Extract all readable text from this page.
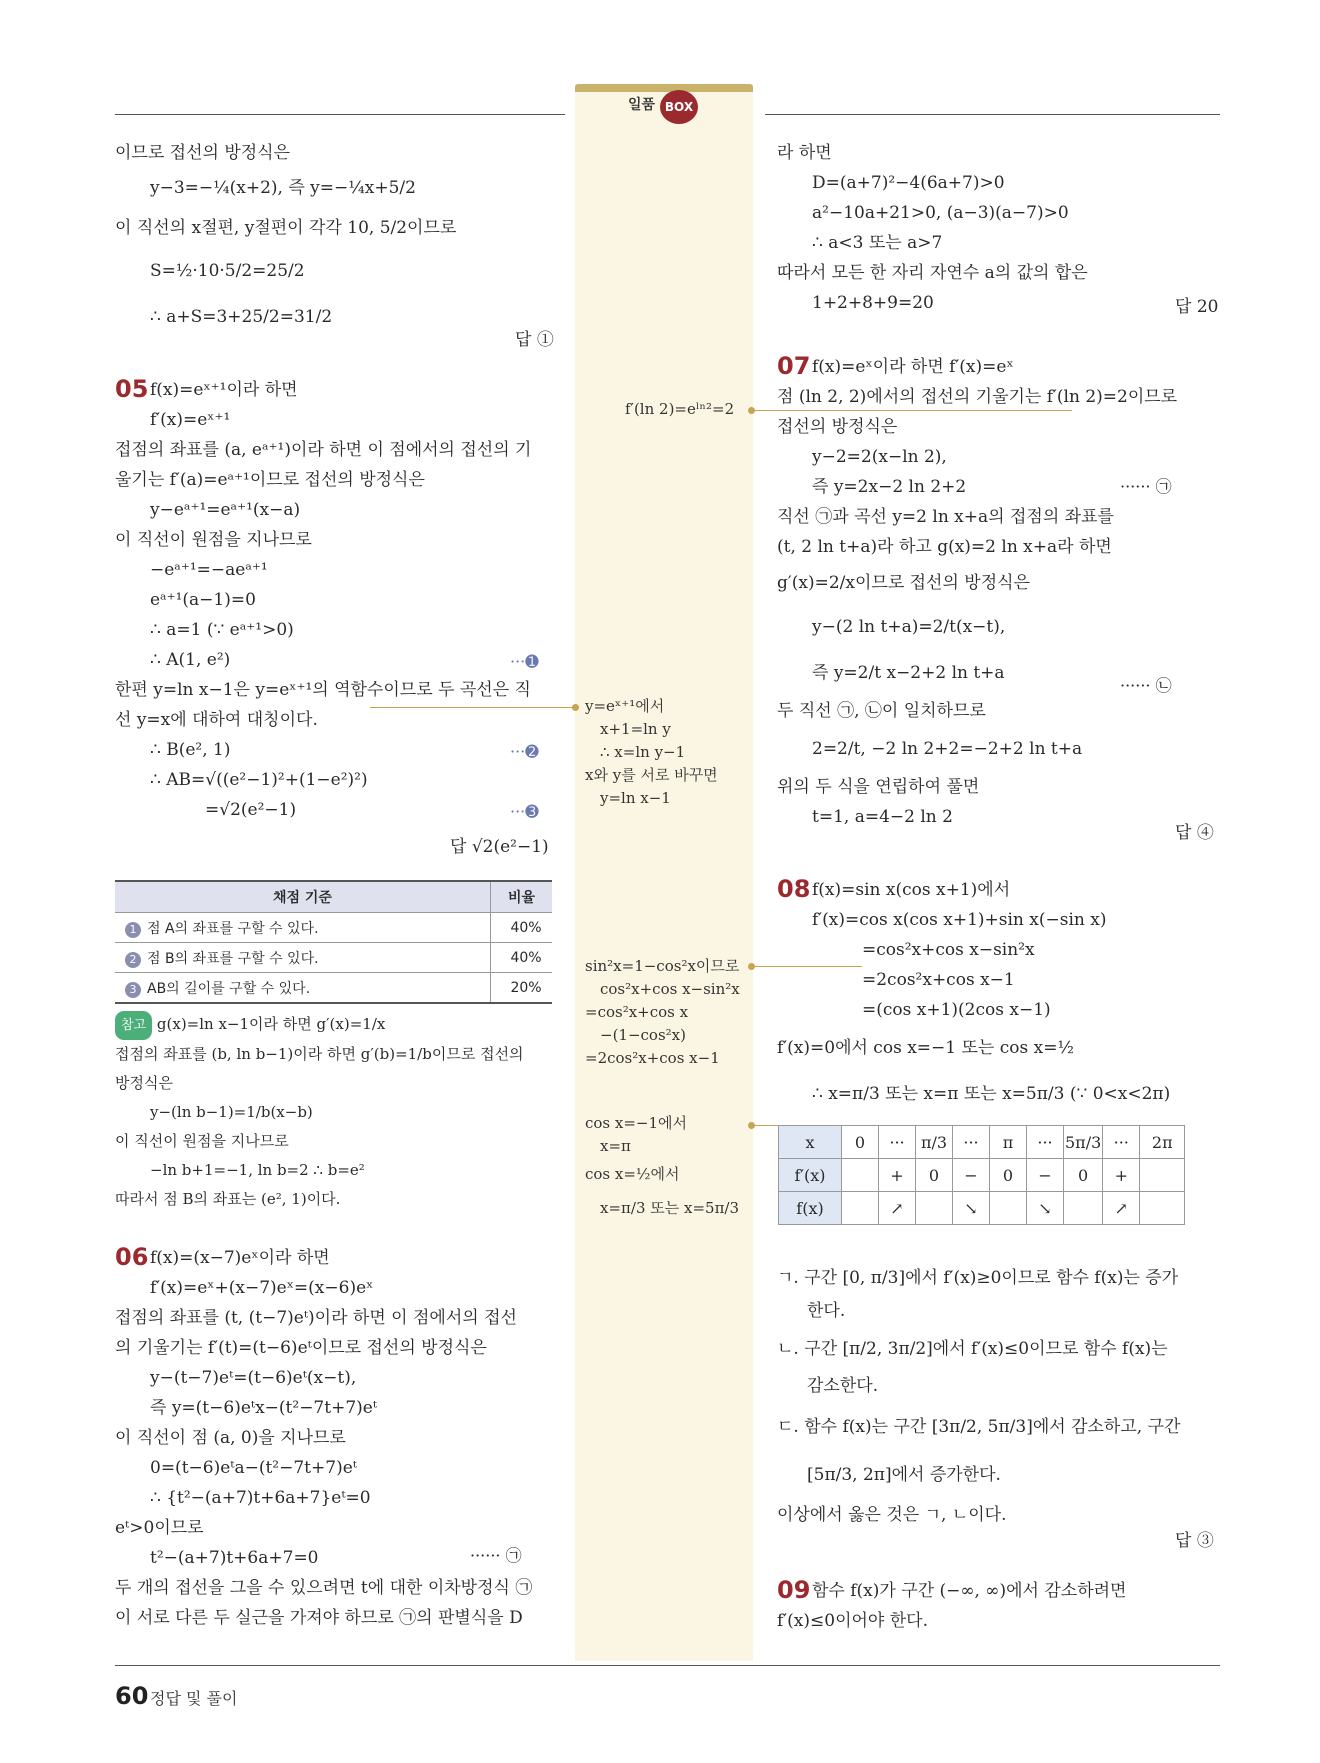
일품 BOX

이므로 접선의 방정식은

y−3=−¼(x+2), 즉 y=−¼x+5/2

이 직선의 x절편, y절편이 각각 10, 5/2이므로

S=½·10·5/2=25/2

∴ a+S=3+25/2=31/2

답 ①
05 f(x)=eˣ⁺¹이라 하면

f′(x)=eˣ⁺¹

접점의 좌표를 (a, eᵃ⁺¹)이라 하면 이 점에서의 접선의 기

울기는 f′(a)=eᵃ⁺¹이므로 접선의 방정식은

y−eᵃ⁺¹=eᵃ⁺¹(x−a)

이 직선이 원점을 지나므로

−eᵃ⁺¹=−aeᵃ⁺¹

eᵃ⁺¹(a−1)=0

∴ a=1 (∵ eᵃ⁺¹>0)

∴ A(1, e²)

한편 y=ln x−1은 y=eˣ⁺¹의 역함수이므로 두 곡선은 직

선 y=x에 대하여 대칭이다.

∴ B(e², 1)

∴ AB=√((e²−1)²+(1−e²)²)

=√2(e²−1)

···➊
···➋
···➌
답 √2(e²−1)
채점 기준	비율
1 점 A의 좌표를 구할 수 있다.	40%
2 점 B의 좌표를 구할 수 있다.	40%
3 AB의 길이를 구할 수 있다.	20%

참고 g(x)=ln x−1이라 하면 g′(x)=1/x

접점의 좌표를 (b, ln b−1)이라 하면 g′(b)=1/b이므로 접선의

방정식은

y−(ln b−1)=1/b(x−b)

이 직선이 원점을 지나므로

−ln b+1=−1, ln b=2 ∴ b=e²

따라서 점 B의 좌표는 (e², 1)이다.

06 f(x)=(x−7)eˣ이라 하면

f′(x)=eˣ+(x−7)eˣ=(x−6)eˣ

접점의 좌표를 (t, (t−7)eᵗ)이라 하면 이 점에서의 접선

의 기울기는 f′(t)=(t−6)eᵗ이므로 접선의 방정식은

y−(t−7)eᵗ=(t−6)eᵗ(x−t),

즉 y=(t−6)eᵗx−(t²−7t+7)eᵗ

이 직선이 점 (a, 0)을 지나므로

0=(t−6)eᵗa−(t²−7t+7)eᵗ

∴ {t²−(a+7)t+6a+7}eᵗ=0

eᵗ>0이므로

t²−(a+7)t+6a+7=0

두 개의 접선을 그을 수 있으려면 t에 대한 이차방정식 ㉠

이 서로 다른 두 실근을 가져야 하므로 ㉠의 판별식을 D

······ ㉠

f′(ln 2)=eˡⁿ²=2

y=eˣ⁺¹에서

x+1=ln y

∴ x=ln y−1

x와 y를 서로 바꾸면

y=ln x−1

sin²x=1−cos²x이므로

cos²x+cos x−sin²x

=cos²x+cos x

−(1−cos²x)

=2cos²x+cos x−1

cos x=−1에서

x=π

cos x=½에서

x=π/3 또는 x=5π/3

라 하면

D=(a+7)²−4(6a+7)>0

a²−10a+21>0, (a−3)(a−7)>0

∴ a<3 또는 a>7

따라서 모든 한 자리 자연수 a의 값의 합은

1+2+8+9=20	답 20
07 f(x)=eˣ이라 하면 f′(x)=eˣ

점 (ln 2, 2)에서의 접선의 기울기는 f′(ln 2)=2이므로

접선의 방정식은

y−2=2(x−ln 2),

즉 y=2x−2 ln 2+2

직선 ㉠과 곡선 y=2 ln x+a의 접점의 좌표를

(t, 2 ln t+a)라 하고 g(x)=2 ln x+a라 하면

g′(x)=2/x이므로 접선의 방정식은

y−(2 ln t+a)=2/t(x−t),

즉 y=2/t x−2+2 ln t+a

두 직선 ㉠, ㉡이 일치하므로

2=2/t, −2 ln 2+2=−2+2 ln t+a

위의 두 식을 연립하여 풀면

t=1, a=4−2 ln 2

······ ㉠
······ ㉡
답 ④
08 f(x)=sin x(cos x+1)에서

f′(x)=cos x(cos x+1)+sin x(−sin x)

=cos²x+cos x−sin²x

=2cos²x+cos x−1

=(cos x+1)(2cos x−1)

f′(x)=0에서 cos x=−1 또는 cos x=½

∴ x=π/3 또는 x=π 또는 x=5π/3 (∵ 0<x<2π)

x	0	···	π/3	···	π	···	5π/3	···	2π
f′(x)		+	0	−	0	−	0	+	
f(x)		↗		↘		↘		↗	

ㄱ. 구간 [0, π/3]에서 f′(x)≥0이므로 함수 f(x)는 증가

한다.

ㄴ. 구간 [π/2, 3π/2]에서 f′(x)≤0이므로 함수 f(x)는

감소한다.

ㄷ. 함수 f(x)는 구간 [3π/2, 5π/3]에서 감소하고, 구간

[5π/3, 2π]에서 증가한다.

이상에서 옳은 것은 ㄱ, ㄴ이다.

답 ③
09 함수 f(x)가 구간 (−∞, ∞)에서 감소하려면

f′(x)≤0이어야 한다.

60 정답 및 풀이
